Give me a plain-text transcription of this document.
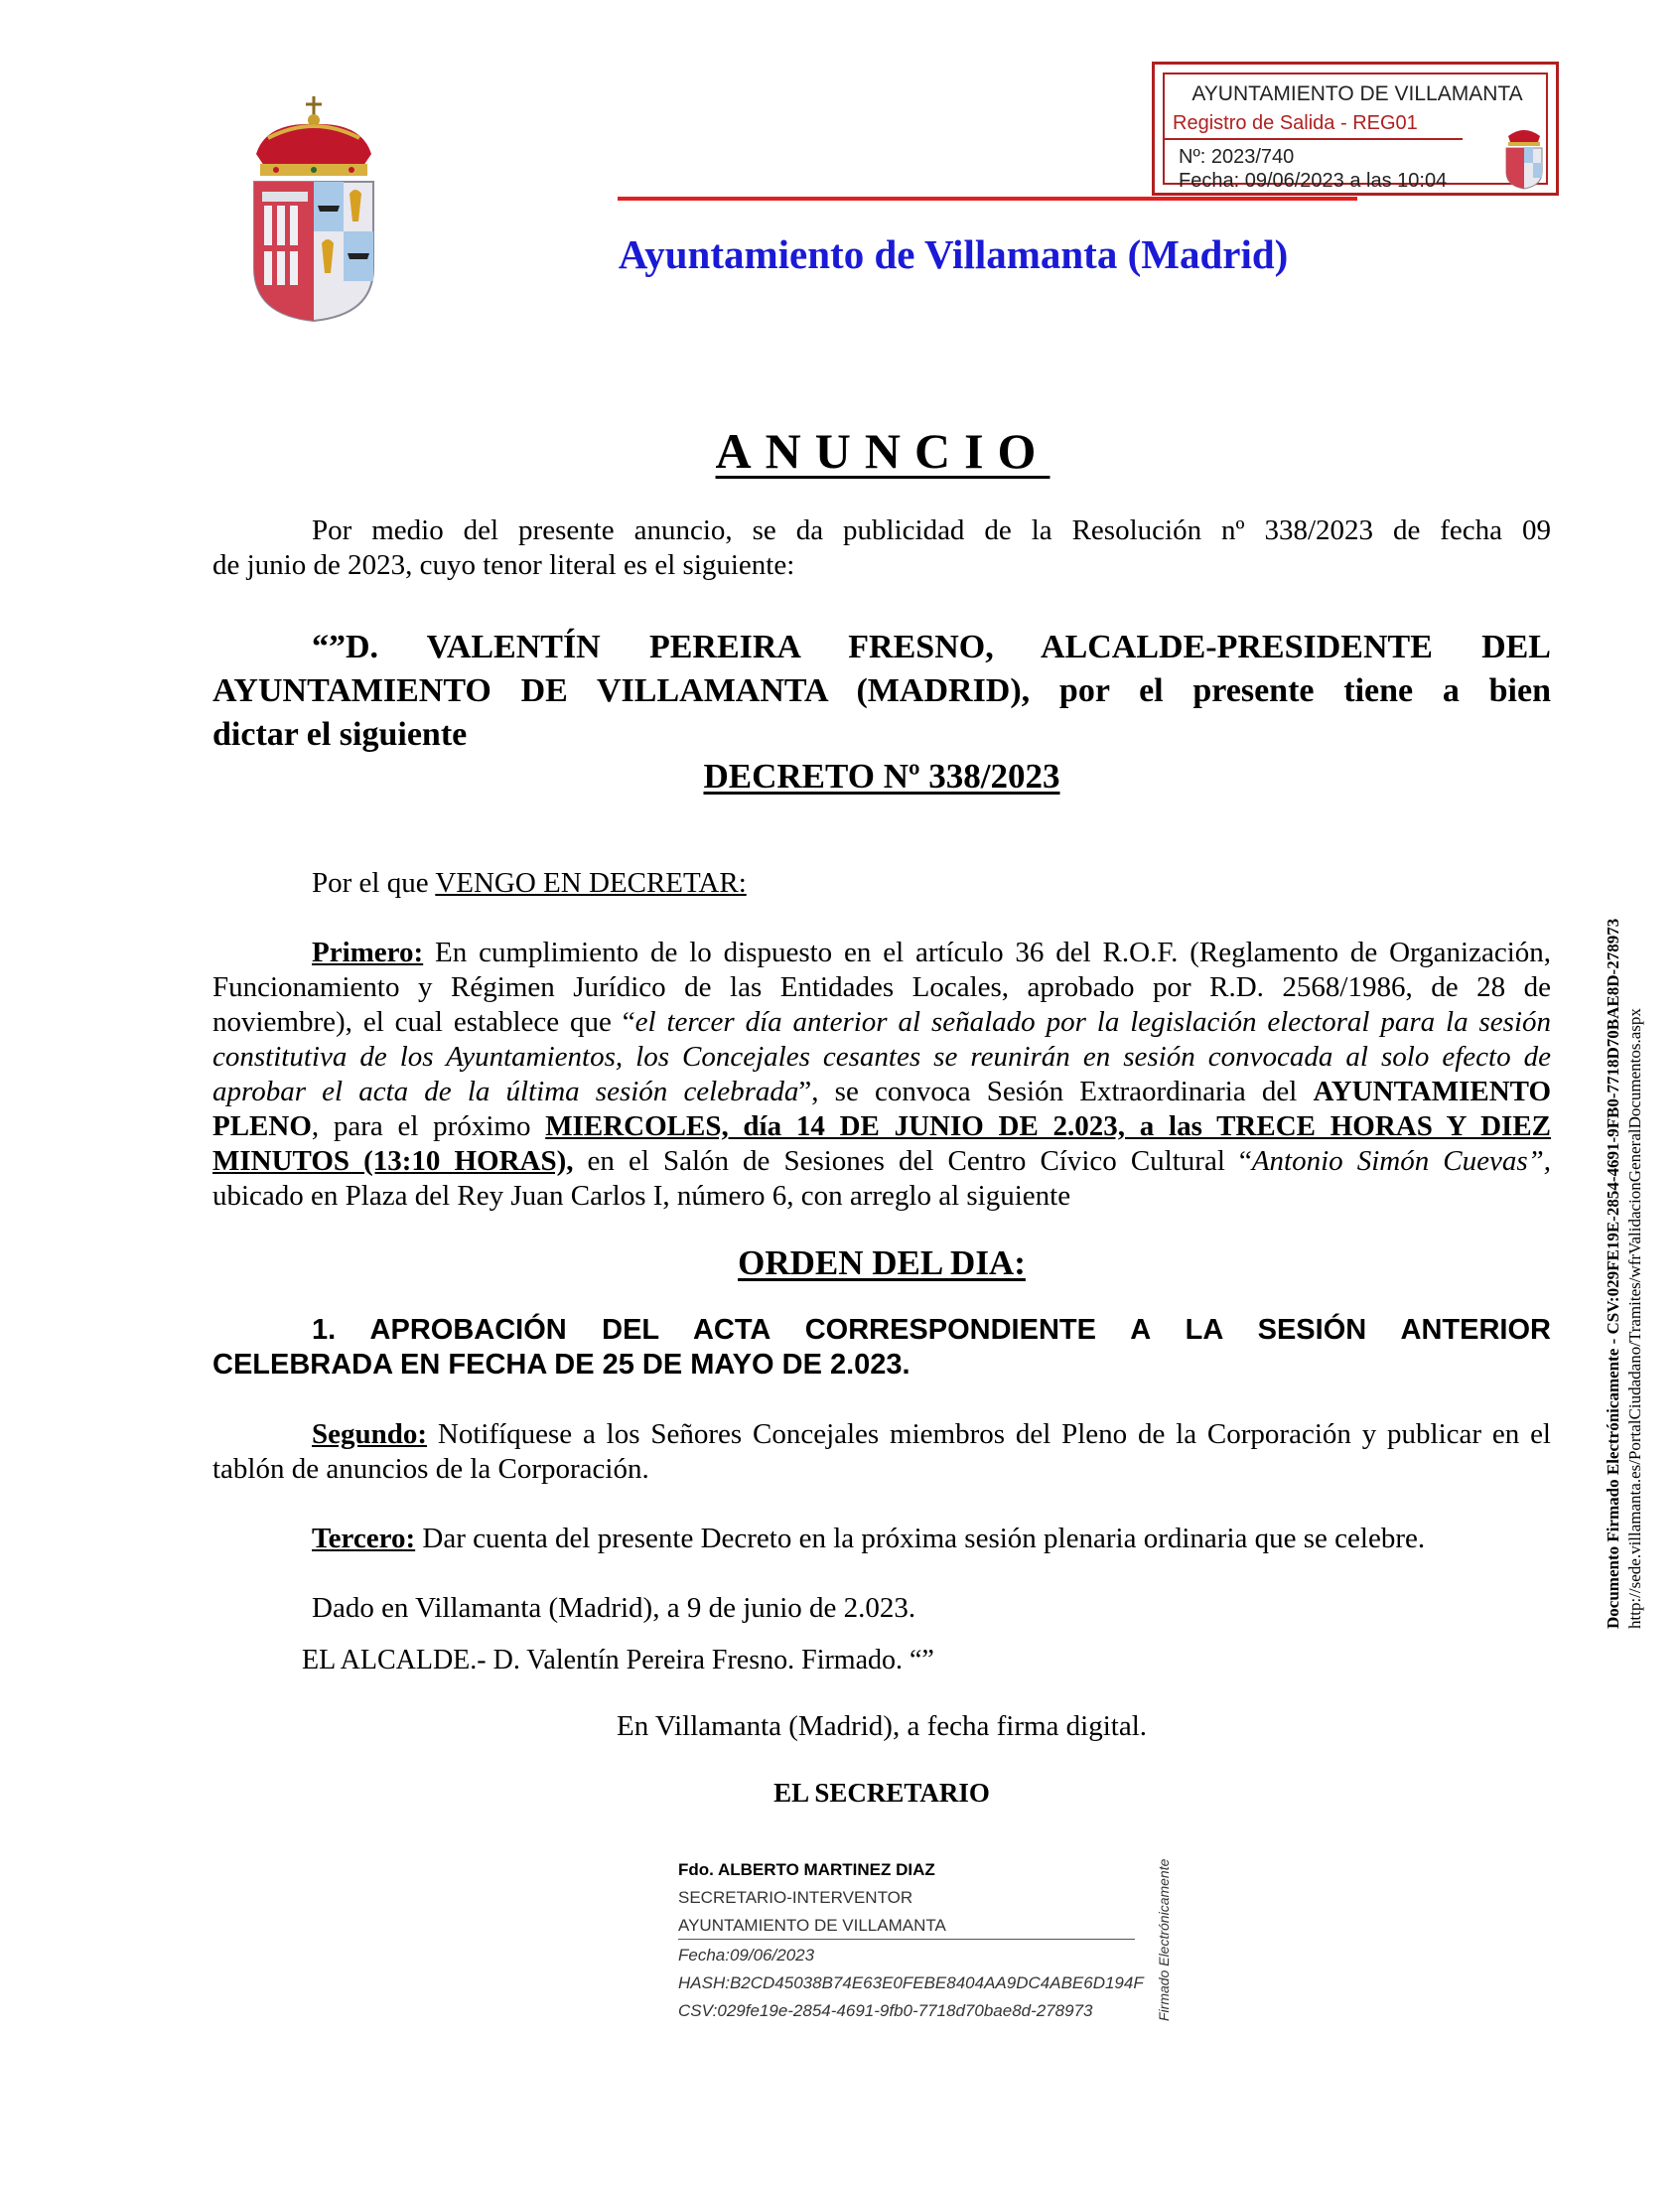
AYUNTAMIENTO DE VILLAMANTA
Registro de Salida - REG01
Nº: 2023/740
Fecha: 09/06/2023 a las 10:04
Ayuntamiento de Villamanta (Madrid)
ANUNCIO
Por medio del presente anuncio, se da publicidad de la Resolución nº 338/2023 de fecha 09
de junio de 2023, cuyo tenor literal es el siguiente:
“”D. VALENTÍN PEREIRA FRESNO, ALCALDE-PRESIDENTE DEL
AYUNTAMIENTO DE VILLAMANTA (MADRID), por el presente tiene a bien
dictar el siguiente
DECRETO Nº 338/2023
Por el que VENGO EN DECRETAR:
Primero: En cumplimiento de lo dispuesto en el artículo 36 del R.O.F. (Reglamento de Organización,
Funcionamiento y Régimen Jurídico de las Entidades Locales, aprobado por R.D. 2568/1986, de 28 de
noviembre), el cual establece que “el tercer día anterior al señalado por la legislación electoral para la sesión
constitutiva de los Ayuntamientos, los Concejales cesantes se reunirán en sesión convocada al solo efecto de
aprobar el acta de la última sesión celebrada”, se convoca Sesión Extraordinaria del AYUNTAMIENTO
PLENO, para el próximo MIERCOLES, día 14 DE JUNIO DE 2.023, a las TRECE HORAS Y DIEZ
MINUTOS (13:10 HORAS), en el Salón de Sesiones del Centro Cívico Cultural “Antonio Simón Cuevas”,
ubicado en Plaza del Rey Juan Carlos I, número 6, con arreglo al siguiente
ORDEN DEL DIA:
1. APROBACIÓN DEL ACTA CORRESPONDIENTE A LA SESIÓN ANTERIOR
CELEBRADA EN FECHA DE 25 DE MAYO DE 2.023.
Segundo: Notifíquese a los Señores Concejales miembros del Pleno de la Corporación y publicar en el
tablón de anuncios de la Corporación.
Tercero: Dar cuenta del presente Decreto en la próxima sesión plenaria ordinaria que se celebre.
Dado en Villamanta (Madrid), a 9 de junio de 2.023.
EL ALCALDE.- D. Valentín Pereira Fresno. Firmado. “”
En Villamanta (Madrid), a fecha firma digital.
EL SECRETARIO
Fdo. ALBERTO MARTINEZ DIAZ
SECRETARIO-INTERVENTOR
AYUNTAMIENTO DE VILLAMANTA
Fecha:09/06/2023
HASH:B2CD45038B74E63E0FEBE8404AA9DC4ABE6D194F
CSV:029fe19e-2854-4691-9fb0-7718d70bae8d-278973	Firmado Electrónicamente
Documento Firmado Electrónicamente - CSV:029FE19E-2854-4691-9FB0-7718D70BAE8D-278973 http://sede.villamanta.es/PortalCiudadano/Tramites/wfrValidacionGeneralDocumentos.aspx
